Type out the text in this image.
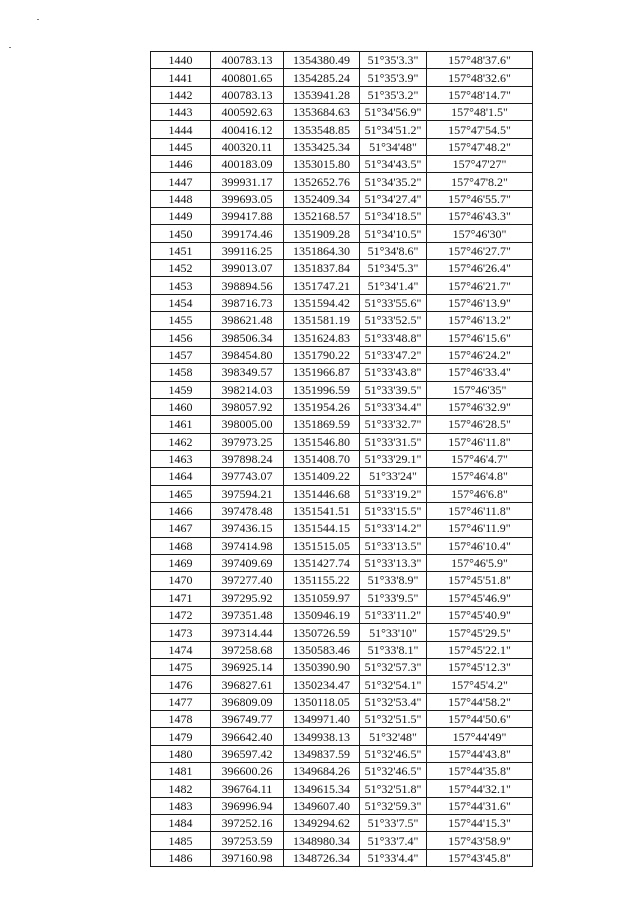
1440	400783.13	1354380.49	51°35'3.3"	157°48'37.6"
1441	400801.65	1354285.24	51°35'3.9"	157°48'32.6"
1442	400783.13	1353941.28	51°35'3.2"	157°48'14.7"
1443	400592.63	1353684.63	51°34'56.9"	157°48'1.5"
1444	400416.12	1353548.85	51°34'51.2"	157°47'54.5"
1445	400320.11	1353425.34	51°34'48"	157°47'48.2"
1446	400183.09	1353015.80	51°34'43.5"	157°47'27"
1447	399931.17	1352652.76	51°34'35.2"	157°47'8.2"
1448	399693.05	1352409.34	51°34'27.4"	157°46'55.7"
1449	399417.88	1352168.57	51°34'18.5"	157°46'43.3"
1450	399174.46	1351909.28	51°34'10.5"	157°46'30"
1451	399116.25	1351864.30	51°34'8.6"	157°46'27.7"
1452	399013.07	1351837.84	51°34'5.3"	157°46'26.4"
1453	398894.56	1351747.21	51°34'1.4"	157°46'21.7"
1454	398716.73	1351594.42	51°33'55.6"	157°46'13.9"
1455	398621.48	1351581.19	51°33'52.5"	157°46'13.2"
1456	398506.34	1351624.83	51°33'48.8"	157°46'15.6"
1457	398454.80	1351790.22	51°33'47.2"	157°46'24.2"
1458	398349.57	1351966.87	51°33'43.8"	157°46'33.4"
1459	398214.03	1351996.59	51°33'39.5"	157°46'35"
1460	398057.92	1351954.26	51°33'34.4"	157°46'32.9"
1461	398005.00	1351869.59	51°33'32.7"	157°46'28.5"
1462	397973.25	1351546.80	51°33'31.5"	157°46'11.8"
1463	397898.24	1351408.70	51°33'29.1"	157°46'4.7"
1464	397743.07	1351409.22	51°33'24"	157°46'4.8"
1465	397594.21	1351446.68	51°33'19.2"	157°46'6.8"
1466	397478.48	1351541.51	51°33'15.5"	157°46'11.8"
1467	397436.15	1351544.15	51°33'14.2"	157°46'11.9"
1468	397414.98	1351515.05	51°33'13.5"	157°46'10.4"
1469	397409.69	1351427.74	51°33'13.3"	157°46'5.9"
1470	397277.40	1351155.22	51°33'8.9"	157°45'51.8"
1471	397295.92	1351059.97	51°33'9.5"	157°45'46.9"
1472	397351.48	1350946.19	51°33'11.2"	157°45'40.9"
1473	397314.44	1350726.59	51°33'10"	157°45'29.5"
1474	397258.68	1350583.46	51°33'8.1"	157°45'22.1"
1475	396925.14	1350390.90	51°32'57.3"	157°45'12.3"
1476	396827.61	1350234.47	51°32'54.1"	157°45'4.2"
1477	396809.09	1350118.05	51°32'53.4"	157°44'58.2"
1478	396749.77	1349971.40	51°32'51.5"	157°44'50.6"
1479	396642.40	1349938.13	51°32'48"	157°44'49"
1480	396597.42	1349837.59	51°32'46.5"	157°44'43.8"
1481	396600.26	1349684.26	51°32'46.5"	157°44'35.8"
1482	396764.11	1349615.34	51°32'51.8"	157°44'32.1"
1483	396996.94	1349607.40	51°32'59.3"	157°44'31.6"
1484	397252.16	1349294.62	51°33'7.5"	157°44'15.3"
1485	397253.59	1348980.34	51°33'7.4"	157°43'58.9"
1486	397160.98	1348726.34	51°33'4.4"	157°43'45.8"
